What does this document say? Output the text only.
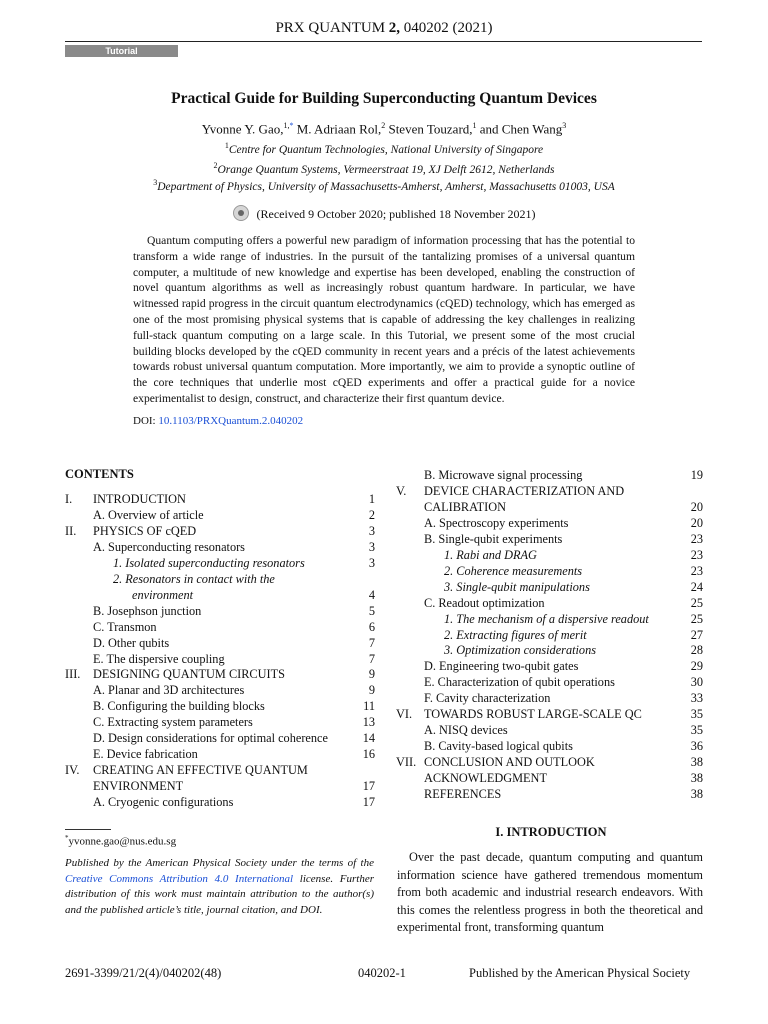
PRX QUANTUM 2, 040202 (2021)
Tutorial
Practical Guide for Building Superconducting Quantum Devices
Yvonne Y. Gao,$^{1,*}$ M. Adriaan Rol,$^2$ Steven Touzard,$^1$ and Chen Wang$^3$
$^1$Centre for Quantum Technologies, National University of Singapore
$^2$Orange Quantum Systems, Vermeerstraat 19, XJ Delft 2612, Netherlands
$^3$Department of Physics, University of Massachusetts-Amherst, Amherst, Massachusetts 01003, USA
(Received 9 October 2020; published 18 November 2021)
Quantum computing offers a powerful new paradigm of information processing that has the potential to transform a wide range of industries. In the pursuit of the tantalizing promises of a universal quantum computer, a multitude of new knowledge and expertise has been developed, enabling the construction of novel quantum algorithms as well as increasingly robust quantum hardware. In particular, we have witnessed rapid progress in the circuit quantum electrodynamics (cQED) technology, which has emerged as one of the most promising physical systems that is capable of addressing the key challenges in realizing full-stack quantum computing on a large scale. In this Tutorial, we present some of the most crucial building blocks developed by the cQED community in recent years and a précis of the latest achievements towards robust universal quantum computation. More importantly, we aim to provide a synoptic outline of the core techniques that underlie most cQED experiments and offer a practical guide for a novice experimentalist to design, construct, and characterize their first quantum device.
DOI: 10.1103/PRXQuantum.2.040202
CONTENTS
I. INTRODUCTION	1
A. Overview of article	2
II. PHYSICS OF cQED	3
A. Superconducting resonators	3
1. Isolated superconducting resonators	3
2. Resonators in contact with the
environment	4
B. Josephson junction	5
C. Transmon	6
D. Other qubits	7
E. The dispersive coupling	7
III. DESIGNING QUANTUM CIRCUITS	9
A. Planar and 3D architectures	9
B. Configuring the building blocks	11
C. Extracting system parameters	13
D. Design considerations for optimal coherence	14
E. Device fabrication	16
IV. CREATING AN EFFECTIVE QUANTUM
ENVIRONMENT	17
A. Cryogenic configurations	17
B. Microwave signal processing	19
V. DEVICE CHARACTERIZATION AND
CALIBRATION	20
A. Spectroscopy experiments	20
B. Single-qubit experiments	23
1. Rabi and DRAG	23
2. Coherence measurements	23
3. Single-qubit manipulations	24
C. Readout optimization	25
1. The mechanism of a dispersive readout	25
2. Extracting figures of merit	27
3. Optimization considerations	28
D. Engineering two-qubit gates	29
E. Characterization of qubit operations	30
F. Cavity characterization	33
VI. TOWARDS ROBUST LARGE-SCALE QC	35
A. NISQ devices	35
B. Cavity-based logical qubits	36
VII. CONCLUSION AND OUTLOOK	38
ACKNOWLEDGMENT	38
REFERENCES	38
*yvonne.gao@nus.edu.sg
Published by the American Physical Society under the terms of the Creative Commons Attribution 4.0 International license. Further distribution of this work must maintain attribution to the author(s) and the published article’s title, journal citation, and DOI.
I. INTRODUCTION
Over the past decade, quantum computing and quantum information science have gathered tremendous momentum from both academic and industrial research endeavors. With this comes the relentless progress in both the theoretical and experimental front, transforming quantum
2691-3399/21/2(4)/040202(48)	040202-1	Published by the American Physical Society
